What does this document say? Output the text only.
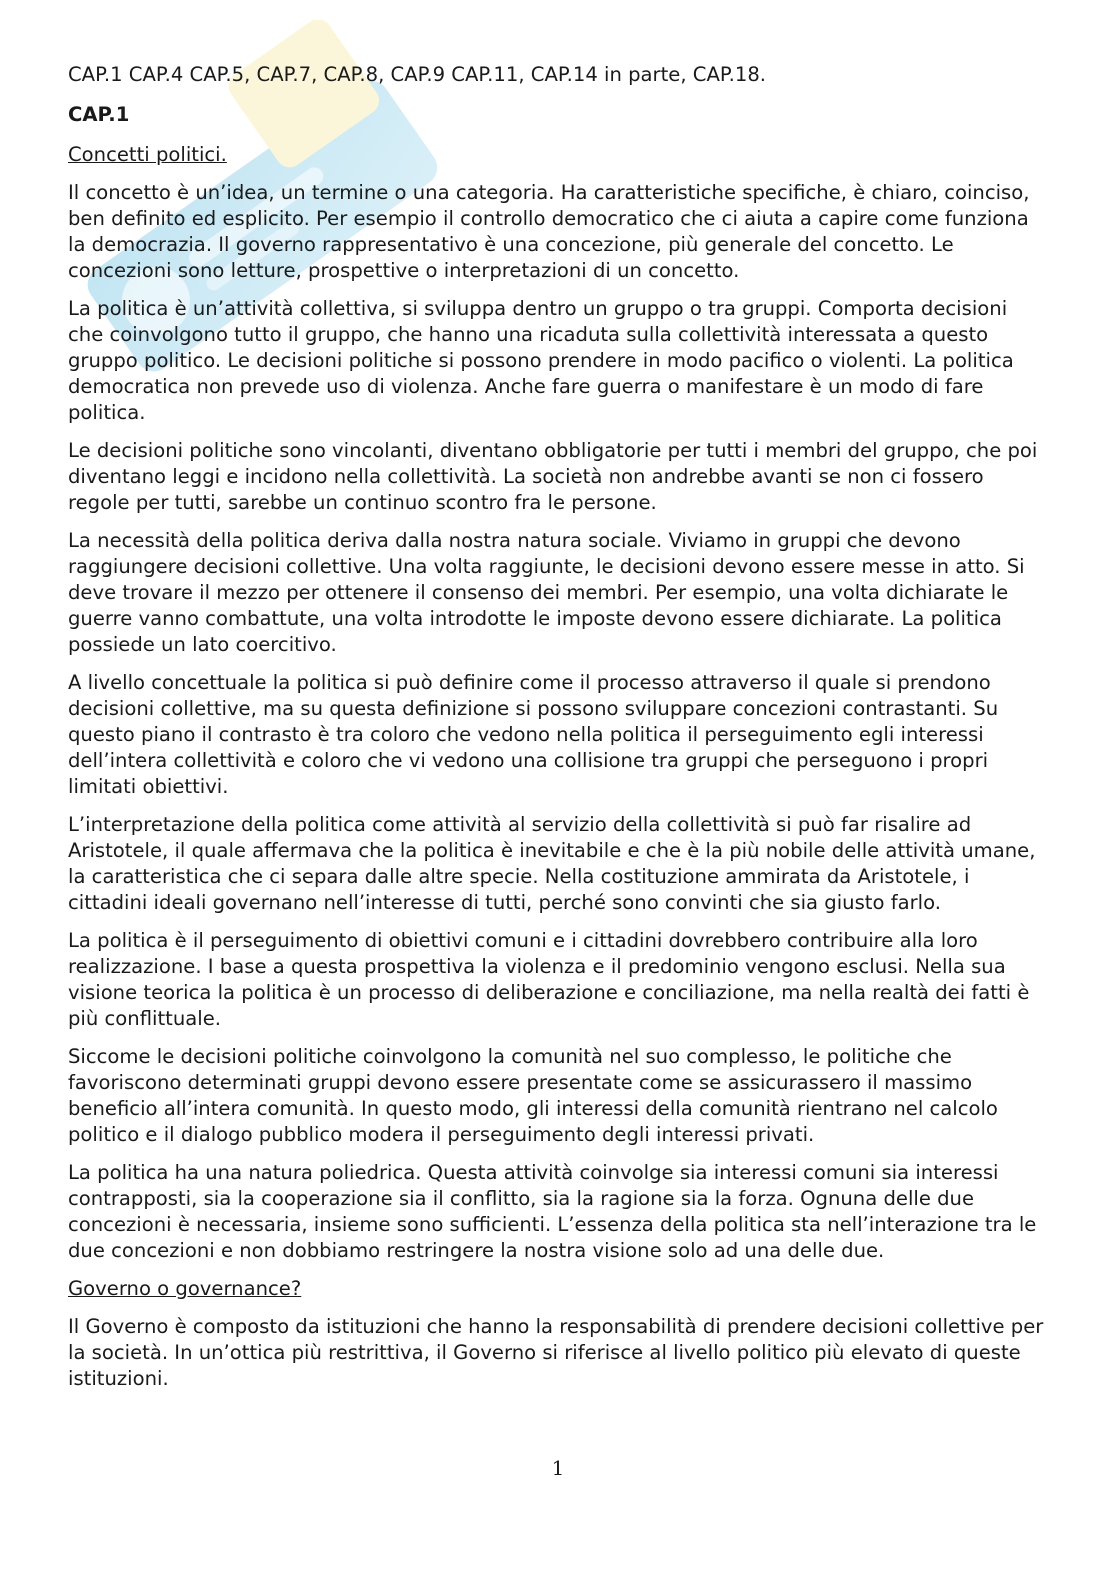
CAP.1 CAP.4 CAP.5, CAP.7, CAP.8, CAP.9 CAP.11, CAP.14 in parte, CAP.18.

CAP.1

Concetti politici.

Il concetto è un’idea, un termine o una categoria. Ha caratteristiche specifiche, è chiaro, coinciso, ben definito ed esplicito. Per esempio il controllo democratico che ci aiuta a capire come funziona la democrazia. Il governo rappresentativo è una concezione, più generale del concetto. Le concezioni sono letture, prospettive o interpretazioni di un concetto.

La politica è un’attività collettiva, si sviluppa dentro un gruppo o tra gruppi. Comporta decisioni che coinvolgono tutto il gruppo, che hanno una ricaduta sulla collettività interessata a questo gruppo politico. Le decisioni politiche si possono prendere in modo pacifico o violenti. La politica democratica non prevede uso di violenza. Anche fare guerra o manifestare è un modo di fare politica.

Le decisioni politiche sono vincolanti, diventano obbligatorie per tutti i membri del gruppo, che poi diventano leggi e incidono nella collettività. La società non andrebbe avanti se non ci fossero regole per tutti, sarebbe un continuo scontro fra le persone.

La necessità della politica deriva dalla nostra natura sociale. Viviamo in gruppi che devono raggiungere decisioni collettive. Una volta raggiunte, le decisioni devono essere messe in atto. Si deve trovare il mezzo per ottenere il consenso dei membri. Per esempio, una volta dichiarate le guerre vanno combattute, una volta introdotte le imposte devono essere dichiarate. La politica possiede un lato coercitivo.

A livello concettuale la politica si può definire come il processo attraverso il quale si prendono decisioni collettive, ma su questa definizione si possono sviluppare concezioni contrastanti. Su questo piano il contrasto è tra coloro che vedono nella politica il perseguimento egli interessi dell’intera collettività e coloro che vi vedono una collisione tra gruppi che perseguono i propri limitati obiettivi.

L’interpretazione della politica come attività al servizio della collettività si può far risalire ad Aristotele, il quale affermava che la politica è inevitabile e che è la più nobile delle attività umane, la caratteristica che ci separa dalle altre specie. Nella costituzione ammirata da Aristotele, i cittadini ideali governano nell’interesse di tutti, perché sono convinti che sia giusto farlo.

La politica è il perseguimento di obiettivi comuni e i cittadini dovrebbero contribuire alla loro realizzazione. I base a questa prospettiva la violenza e il predominio vengono esclusi. Nella sua visione teorica la politica è un processo di deliberazione e conciliazione, ma nella realtà dei fatti è più conflittuale.

Siccome le decisioni politiche coinvolgono la comunità nel suo complesso, le politiche che favoriscono determinati gruppi devono essere presentate come se assicurassero il massimo beneficio all’intera comunità. In questo modo, gli interessi della comunità rientrano nel calcolo politico e il dialogo pubblico modera il perseguimento degli interessi privati.

La politica ha una natura poliedrica. Questa attività coinvolge sia interessi comuni sia interessi contrapposti, sia la cooperazione sia il conflitto, sia la ragione sia la forza. Ognuna delle due concezioni è necessaria, insieme sono sufficienti. L’essenza della politica sta nell’interazione tra le due concezioni e non dobbiamo restringere la nostra visione solo ad una delle due.

Governo o governance?

Il Governo è composto da istituzioni che hanno la responsabilità di prendere decisioni collettive per la società. In un’ottica più restrittiva, il Governo si riferisce al livello politico più elevato di queste istituzioni.

1
